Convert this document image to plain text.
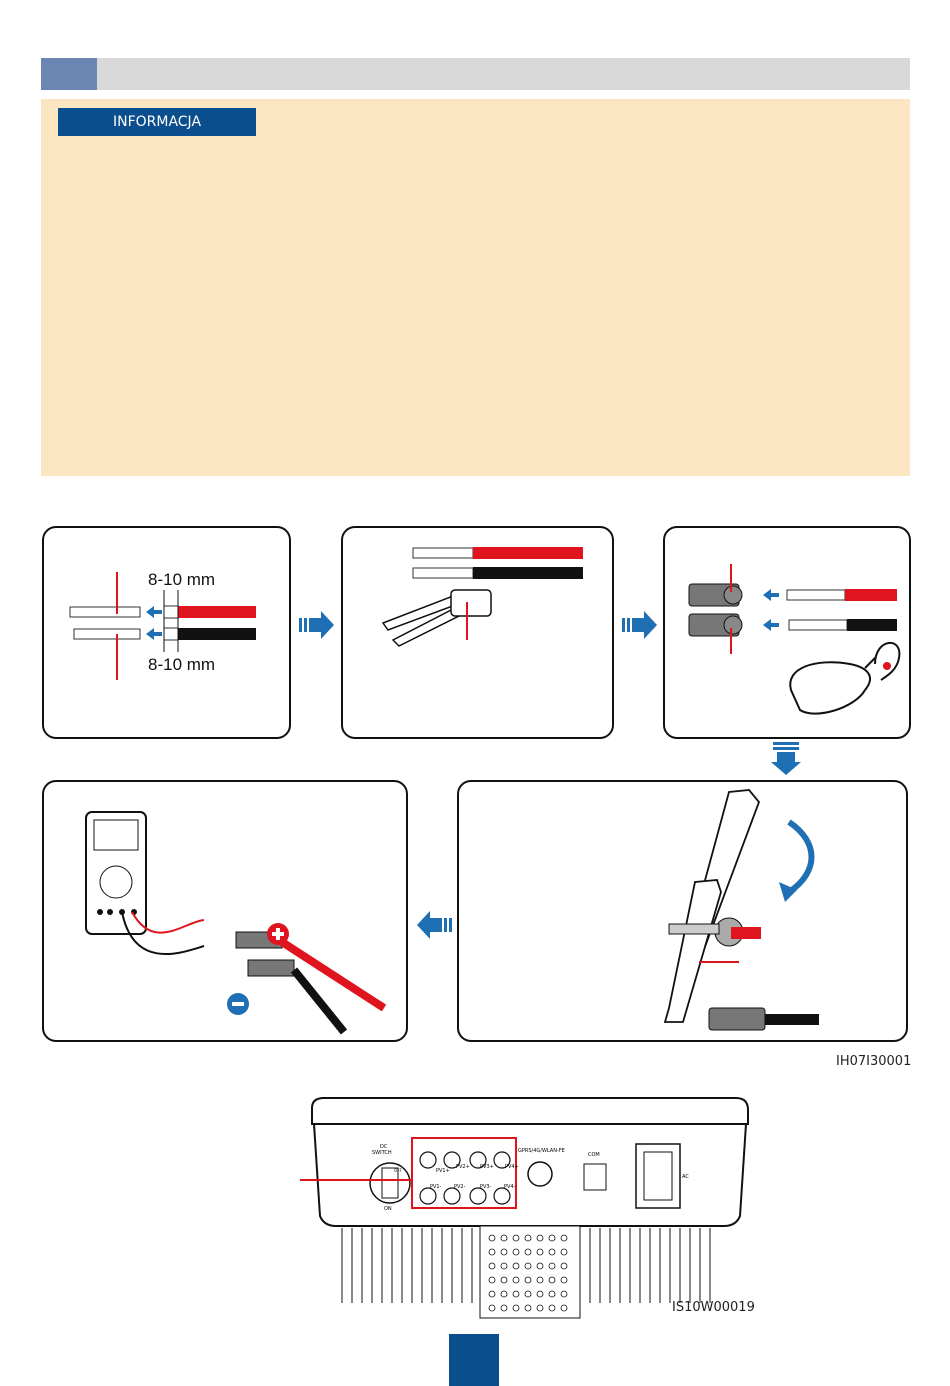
INFORMACJA
8-10 mm
8-10 mm
IH07I30001
DC
SWITCH
ON
OFF	PV1+
PV2+ PV3+ PV4+
PV1-	PV2-	PV3-	PV4-
GPRS/4G/WLAN-FE
COM
AC
IS10W00019
